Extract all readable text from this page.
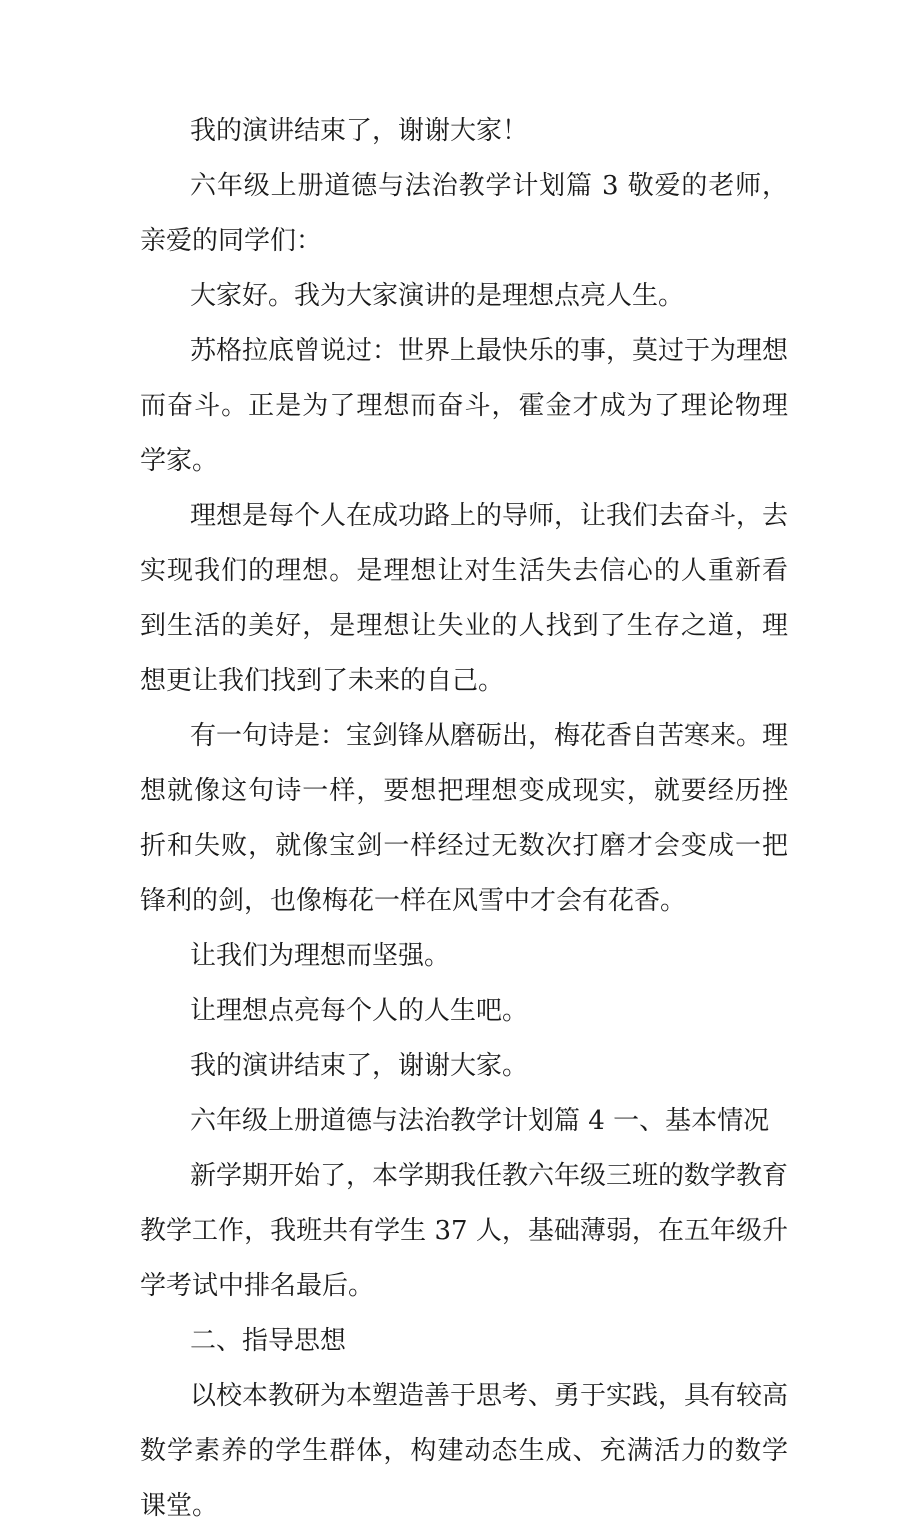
我的演讲结束了，谢谢大家！

六年级上册道德与法治教学计划篇 3 敬爱的老师，亲爱的同学们：

大家好。我为大家演讲的是理想点亮人生。

苏格拉底曾说过：世界上最快乐的事，莫过于为理想而奋斗。正是为了理想而奋斗，霍金才成为了理论物理学家。

理想是每个人在成功路上的导师，让我们去奋斗，去实现我们的理想。是理想让对生活失去信心的人重新看到生活的美好，是理想让失业的人找到了生存之道，理想更让我们找到了未来的自己。

有一句诗是：宝剑锋从磨砺出，梅花香自苦寒来。理想就像这句诗一样，要想把理想变成现实，就要经历挫折和失败，就像宝剑一样经过无数次打磨才会变成一把锋利的剑，也像梅花一样在风雪中才会有花香。

让我们为理想而坚强。

让理想点亮每个人的人生吧。

我的演讲结束了，谢谢大家。

六年级上册道德与法治教学计划篇 4 一、基本情况

新学期开始了，本学期我任教六年级三班的数学教育教学工作，我班共有学生 37 人，基础薄弱，在五年级升学考试中排名最后。

二、指导思想

以校本教研为本塑造善于思考、勇于实践，具有较高数学素养的学生群体，构建动态生成、充满活力的数学课堂。
